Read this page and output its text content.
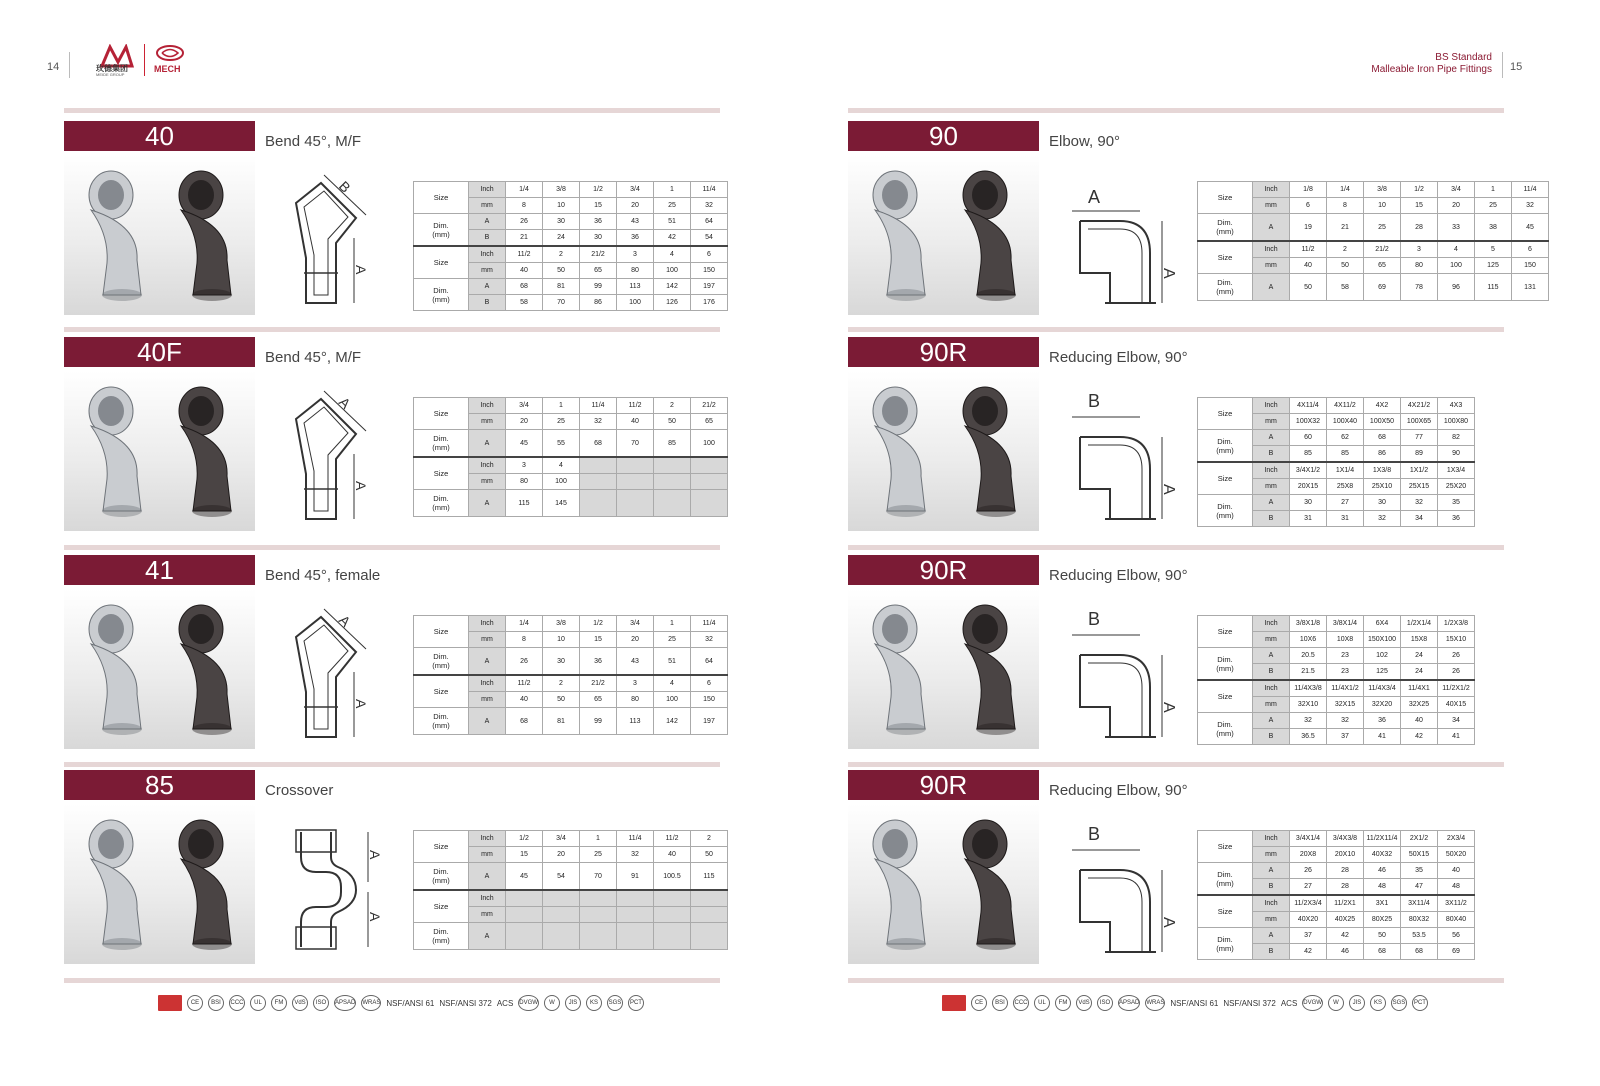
14	玫德集团
MEIDE GROUP
MECH
BS Standard
Malleable Iron Pipe Fittings 15
40	Bend 45°, M/F
B
A
Size	Inch	1/4	3/8	1/2	3/4	1	11/4
	mm	8	10	15	20	25	32
Dim.
(mm)	A	26	30	36	43	51	64
	B	21	24	30	36	42	54
Size	Inch	11/2	2	21/2	3	4	6
	mm	40	50	65	80	100	150
Dim.
(mm)	A	68	81	99	113	142	197
	B	58	70	86	100	126	176
40F	Bend 45°, M/F
A
A
Size	Inch	3/4	1	11/4	11/2	2	21/2
	mm	20	25	32	40	50	65
Dim.
(mm)	A	45	55	68	70	85	100
Size	Inch	3	4				
	mm	80	100				
Dim.
(mm)	A	115	145				
41	Bend 45°, female
A
A
Size	Inch	1/4	3/8	1/2	3/4	1	11/4
	mm	8	10	15	20	25	32
Dim.
(mm)	A	26	30	36	43	51	64
Size	Inch	11/2	2	21/2	3	4	6
	mm	40	50	65	80	100	150
Dim.
(mm)	A	68	81	99	113	142	197
85	Crossover
A
A
Size	Inch	1/2	3/4	1	11/4	11/2	2
	mm	15	20	25	32	40	50
Dim.
(mm)	A	45	54	70	91	100.5	115
Size	Inch						
	mm						
Dim.
(mm)	A						
90	Elbow, 90°
A
A
Size	Inch	1/8	1/4	3/8	1/2	3/4	1	11/4
	mm	6	8	10	15	20	25	32
Dim.
(mm)	A	19	21	25	28	33	38	45
Size	Inch	11/2	2	21/2	3	4	5	6
	mm	40	50	65	80	100	125	150
Dim.
(mm)	A	50	58	69	78	96	115	131
90R	Reducing Elbow, 90°
B
A
Size	Inch	4X11/4	4X11/2	4X2	4X21/2	4X3
	mm	100X32	100X40	100X50	100X65	100X80
Dim.
(mm)	A	60	62	68	77	82
	B	85	85	86	89	90
Size	Inch	3/4X1/2	1X1/4	1X3/8	1X1/2	1X3/4
	mm	20X15	25X8	25X10	25X15	25X20
Dim.
(mm)	A	30	27	30	32	35
	B	31	31	32	34	36
90R	Reducing Elbow, 90°
B
A
Size	Inch	3/8X1/8	3/8X1/4	6X4	1/2X1/4	1/2X3/8
	mm	10X6	10X8	150X100	15X8	15X10
Dim.
(mm)	A	20.5	23	102	24	26
	B	21.5	23	125	24	26
Size	Inch	11/4X3/8	11/4X1/2	11/4X3/4	11/4X1	11/2X1/2
	mm	32X10	32X15	32X20	32X25	40X15
Dim.
(mm)	A	32	32	36	40	34
	B	36.5	37	41	42	41
90R	Reducing Elbow, 90°
B
A
Size	Inch	3/4X1/4	3/4X3/8	11/2X11/4	2X1/2	2X3/4
	mm	20X8	20X10	40X32	50X15	50X20
Dim.
(mm)	A	26	28	46	35	40
	B	27	28	48	47	48
Size	Inch	11/2X3/4	11/2X1	3X1	3X11/4	3X11/2
	mm	40X20	40X25	80X25	80X32	80X40
Dim.
(mm)	A	37	42	50	53.5	56
	B	42	46	68	68	69
CE	BSI	CCC	UL	FM	VdS	ISO	APSAD WRAS NSF/ANSI 61 NSF/ANSI 372 ACS DVGW	W	JIS	KS	SGS	PCT	CE	BSI	CCC	UL	FM	VdS	ISO	APSAD WRAS NSF/ANSI 61 NSF/ANSI 372 ACS DVGW	W	JIS	KS	SGS	PCT
